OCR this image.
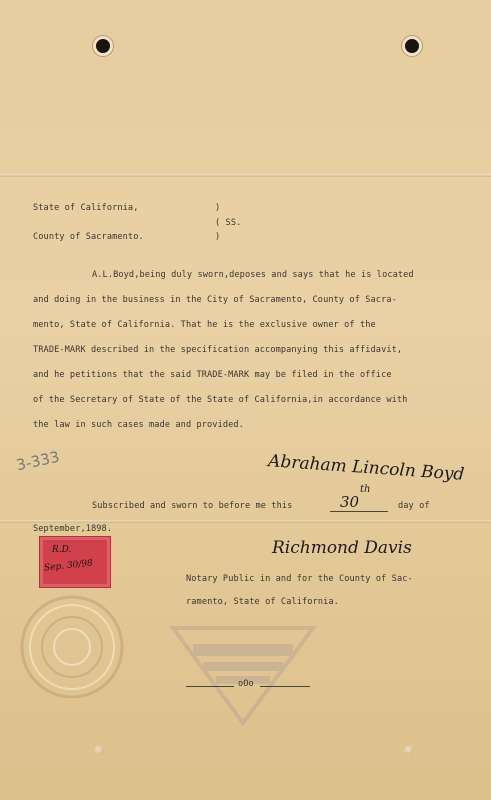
State of California,	)
( SS.
County of Sacramento.	)
A.L.Boyd,being duly sworn,deposes and says that he is located
and doing in the business in the City of Sacramento, County of Sacra-
mento, State of California. That he is the exclusive owner of the
TRADE-MARK described in the specification accompanying this affidavit,
and he petitions that the said TRADE-MARK may be filed in the office
of the Secretary of State of the State of California,in accordance with
the law in such cases made and provided.
3-333	Abraham Lincoln Boyd
Subscribed and sworn to before me this	30
th
day of
September,1898.
R.D.
Sep. 30/98
Richmond Davis
Notary Public in and for the County of Sac-
ramento, State of California.
oOo
